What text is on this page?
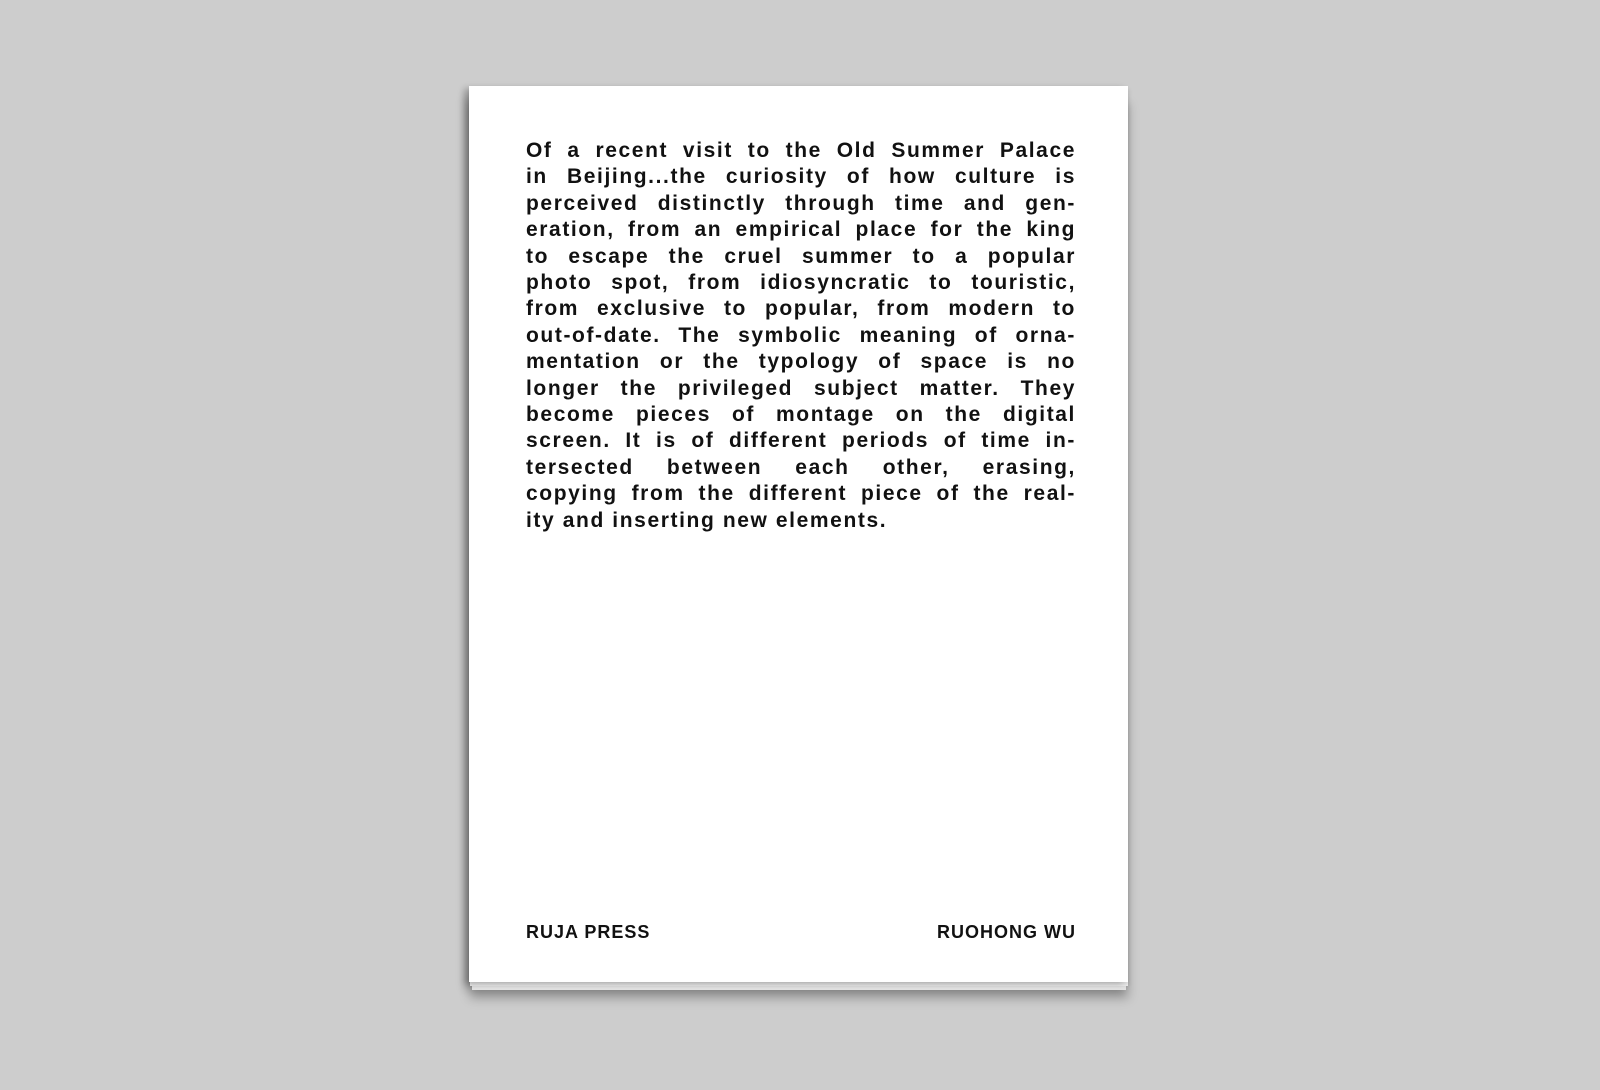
Of a recent visit to the Old Summer Palace
in Beijing...the curiosity of how culture is
perceived distinctly through time and gen-
eration, from an empirical place for the king
to escape the cruel summer to a popular
photo spot, from idiosyncratic to touristic,
from exclusive to popular, from modern to
out-of-date. The symbolic meaning of orna-
mentation or the typology of space is no
longer the privileged subject matter. They
become pieces of montage on the digital
screen. It is of different periods of time in-
tersected between each other, erasing,
copying from the different piece of the real-
ity and inserting new elements.

RUJA PRESS	RUOHONG WU
